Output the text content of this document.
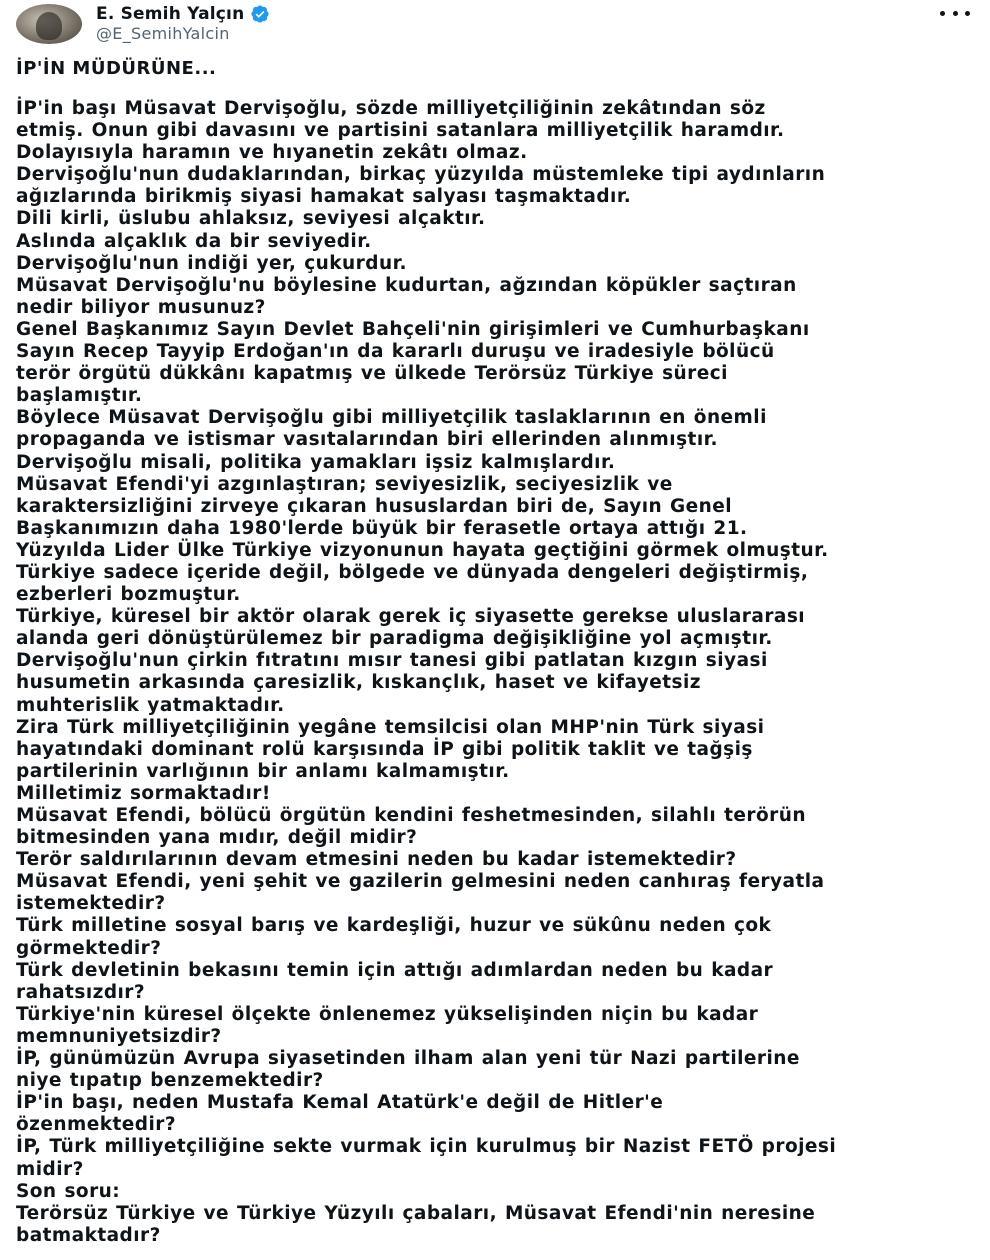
E. Semih Yalçın
@E_SemihYalcin
İP'İN MÜDÜRÜNE...
İP'in başı Müsavat Dervişoğlu, sözde milliyetçiliğinin zekâtından söz
etmiş. Onun gibi davasını ve partisini satanlara milliyetçilik haramdır.
Dolayısıyla haramın ve hıyanetin zekâtı olmaz.
Dervişoğlu'nun dudaklarından, birkaç yüzyılda müstemleke tipi aydınların
ağızlarında birikmiş siyasi hamakat salyası taşmaktadır.
Dili kirli, üslubu ahlaksız, seviyesi alçaktır.
Aslında alçaklık da bir seviyedir.
Dervişoğlu'nun indiği yer, çukurdur.
Müsavat Dervişoğlu'nu böylesine kudurtan, ağzından köpükler saçtıran
nedir biliyor musunuz?
Genel Başkanımız Sayın Devlet Bahçeli'nin girişimleri ve Cumhurbaşkanı
Sayın Recep Tayyip Erdoğan'ın da kararlı duruşu ve iradesiyle bölücü
terör örgütü dükkânı kapatmış ve ülkede Terörsüz Türkiye süreci
başlamıştır.
Böylece Müsavat Dervişoğlu gibi milliyetçilik taslaklarının en önemli
propaganda ve istismar vasıtalarından biri ellerinden alınmıştır.
Dervişoğlu misali, politika yamakları işsiz kalmışlardır.
Müsavat Efendi'yi azgınlaştıran; seviyesizlik, seciyesizlik ve
karaktersizliğini zirveye çıkaran hususlardan biri de, Sayın Genel
Başkanımızın daha 1980'lerde büyük bir ferasetle ortaya attığı 21.
Yüzyılda Lider Ülke Türkiye vizyonunun hayata geçtiğini görmek olmuştur.
Türkiye sadece içeride değil, bölgede ve dünyada dengeleri değiştirmiş,
ezberleri bozmuştur.
Türkiye, küresel bir aktör olarak gerek iç siyasette gerekse uluslararası
alanda geri dönüştürülemez bir paradigma değişikliğine yol açmıştır.
Dervişoğlu'nun çirkin fıtratını mısır tanesi gibi patlatan kızgın siyasi
husumetin arkasında çaresizlik, kıskançlık, haset ve kifayetsiz
muhterislik yatmaktadır.
Zira Türk milliyetçiliğinin yegâne temsilcisi olan MHP'nin Türk siyasi
hayatındaki dominant rolü karşısında İP gibi politik taklit ve tağşiş
partilerinin varlığının bir anlamı kalmamıştır.
Milletimiz sormaktadır!
Müsavat Efendi, bölücü örgütün kendini feshetmesinden, silahlı terörün
bitmesinden yana mıdır, değil midir?
Terör saldırılarının devam etmesini neden bu kadar istemektedir?
Müsavat Efendi, yeni şehit ve gazilerin gelmesini neden canhıraş feryatla
istemektedir?
Türk milletine sosyal barış ve kardeşliği, huzur ve sükûnu neden çok
görmektedir?
Türk devletinin bekasını temin için attığı adımlardan neden bu kadar
rahatsızdır?
Türkiye'nin küresel ölçekte önlenemez yükselişinden niçin bu kadar
memnuniyetsizdir?
İP, günümüzün Avrupa siyasetinden ilham alan yeni tür Nazi partilerine
niye tıpatıp benzemektedir?
İP'in başı, neden Mustafa Kemal Atatürk'e değil de Hitler'e
özenmektedir?
İP, Türk milliyetçiliğine sekte vurmak için kurulmuş bir Nazist FETÖ projesi
midir?
Son soru:
Terörsüz Türkiye ve Türkiye Yüzyılı çabaları, Müsavat Efendi'nin neresine
batmaktadır?
